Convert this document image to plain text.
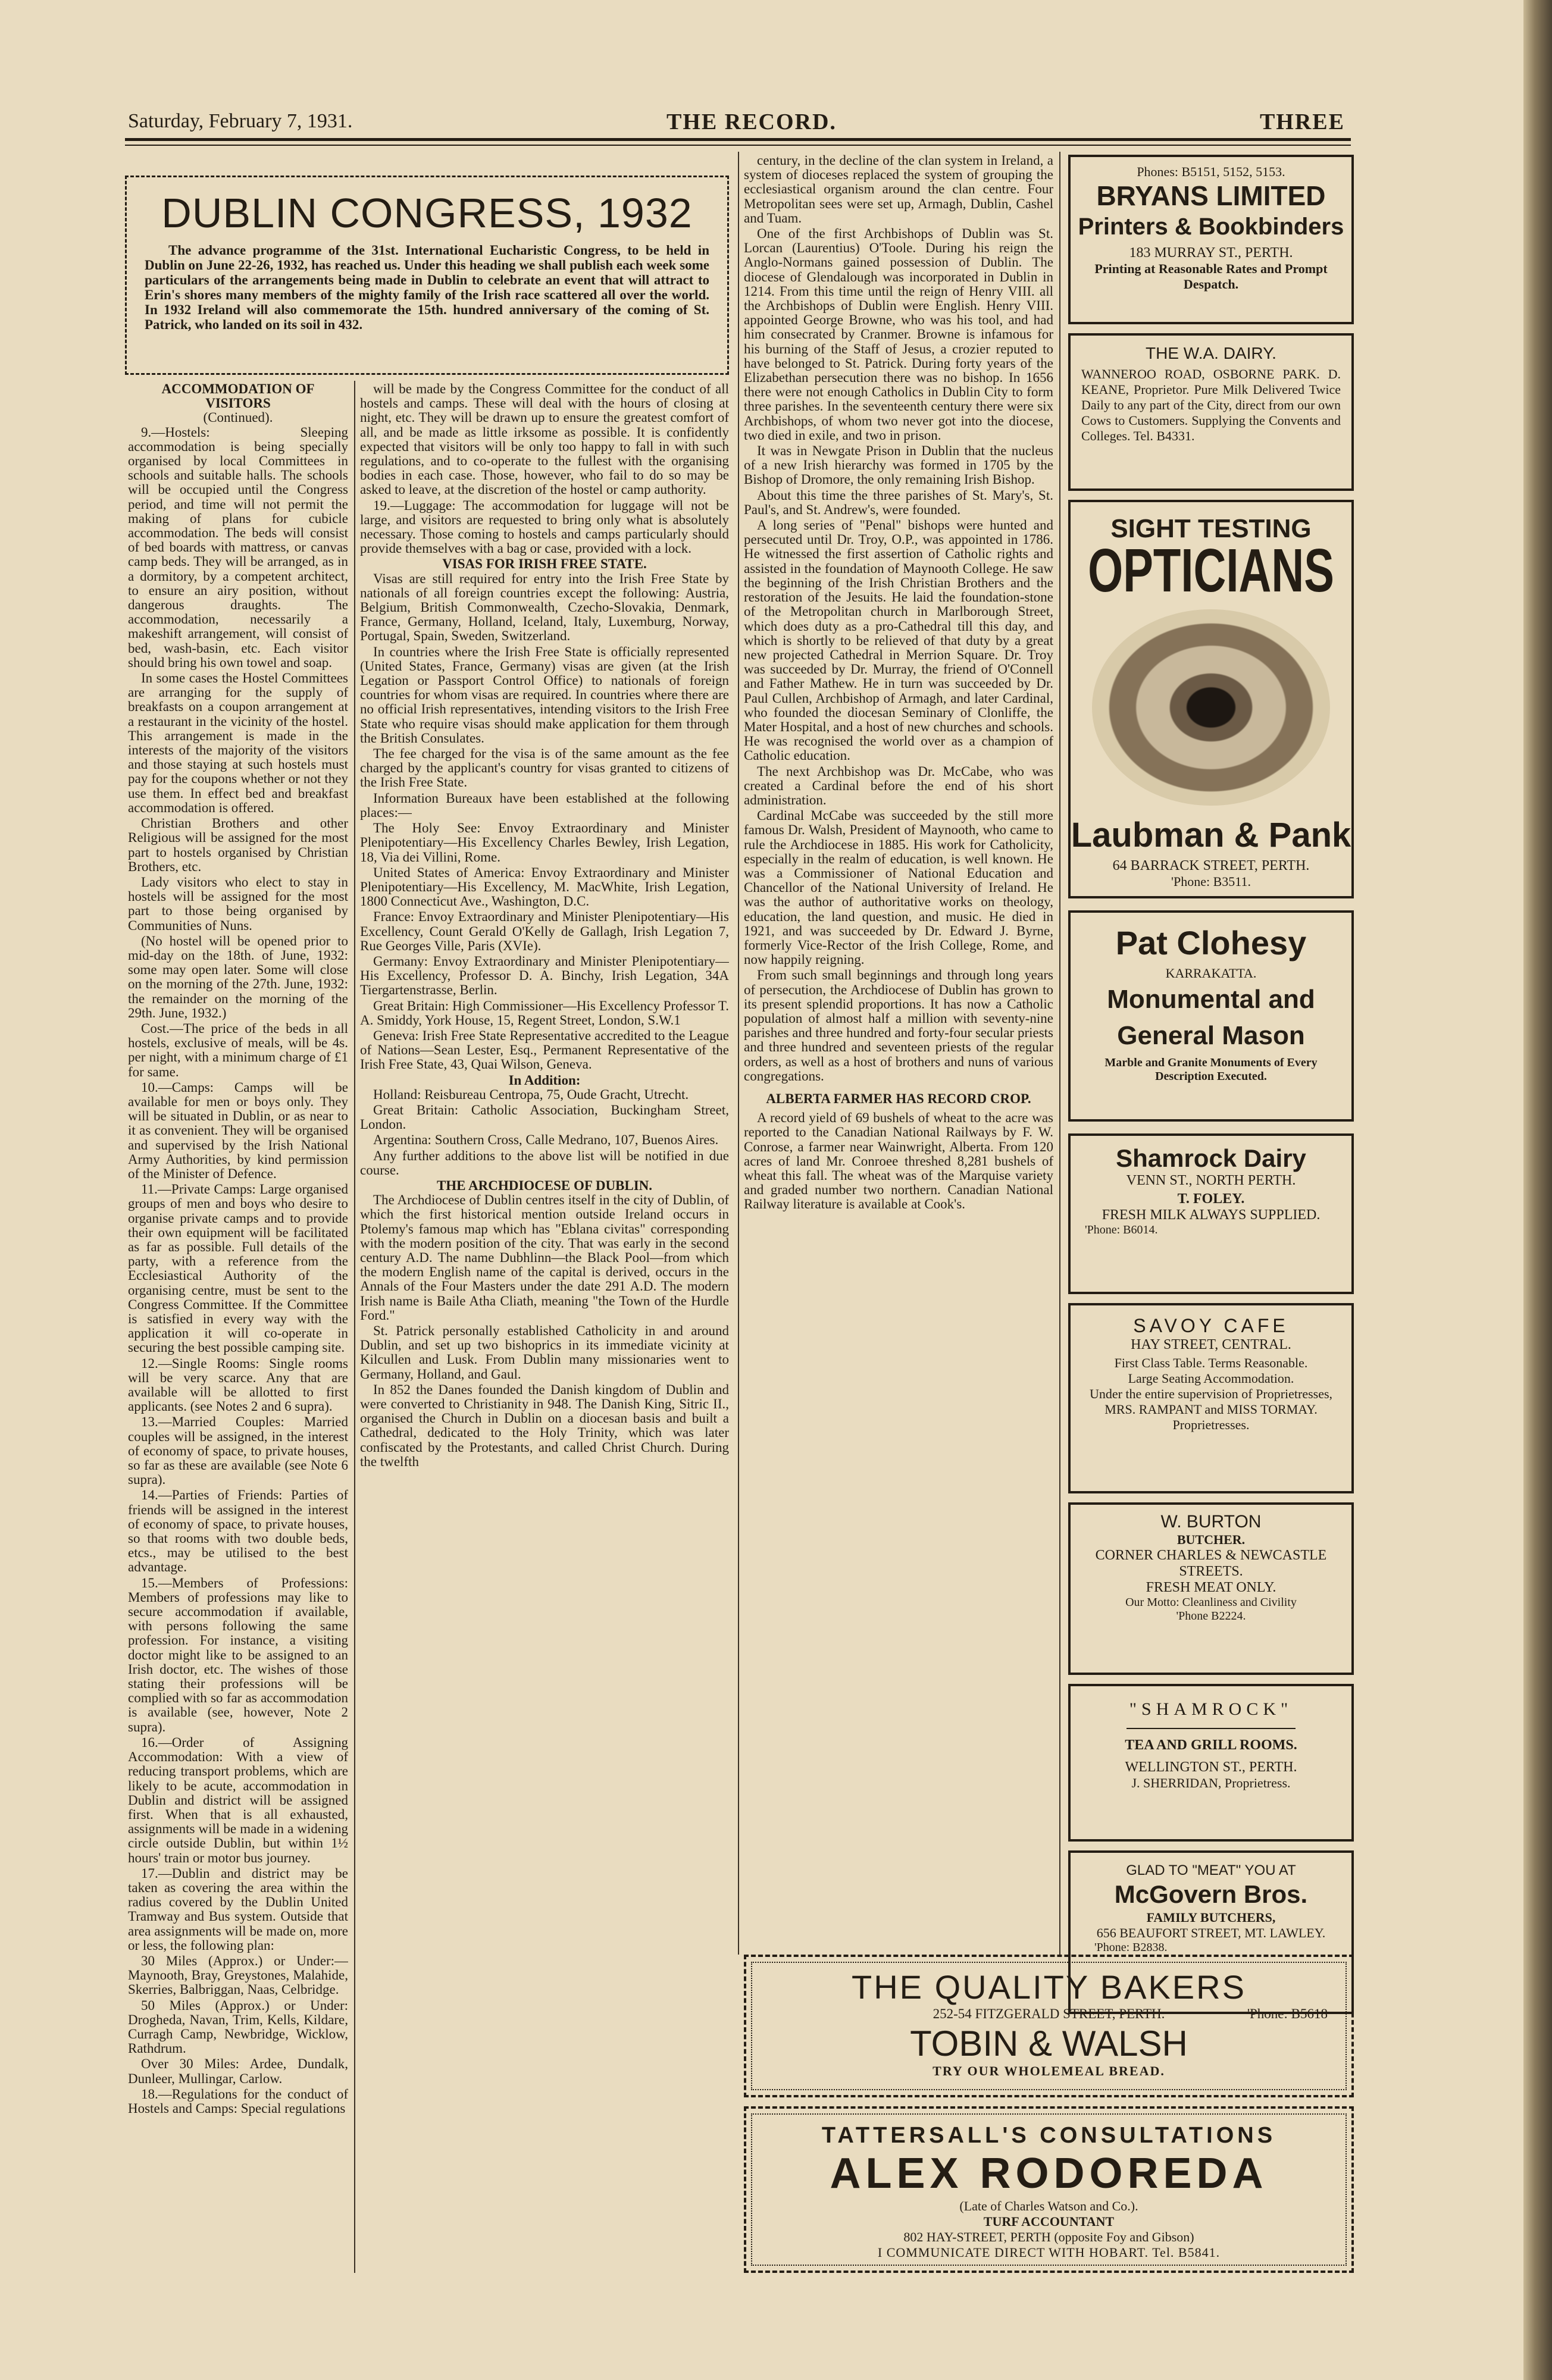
Saturday, February 7, 1931.	THE RECORD.	THREE
DUBLIN CONGRESS, 1932

The advance programme of the 31st. International Eucharistic Congress, to be held in Dublin on June 22-26, 1932, has reached us. Under this heading we shall publish each week some particulars of the arrangements being made in Dublin to celebrate an event that will attract to Erin's shores many members of the mighty family of the Irish race scattered all over the world. In 1932 Ireland will also commemorate the 15th. hundred anniversary of the coming of St. Patrick, who landed on its soil in 432.

ACCOMMODATION OF VISITORS
(Continued).

9.—Hostels: Sleeping accommodation is being specially organised by local Committees in schools and suitable halls. The schools will be occupied until the Congress period, and time will not permit the making of plans for cubicle accommodation. The beds will consist of bed boards with mattress, or canvas camp beds. They will be arranged, as in a dormitory, by a competent architect, to ensure an airy position, without dangerous draughts. The accommodation, necessarily a makeshift arrangement, will consist of bed, wash-basin, etc. Each visitor should bring his own towel and soap.

In some cases the Hostel Committees are arranging for the supply of breakfasts on a coupon arrangement at a restaurant in the vicinity of the hostel. This arrangement is made in the interests of the majority of the visitors and those staying at such hostels must pay for the coupons whether or not they use them. In effect bed and breakfast accommodation is offered.

Christian Brothers and other Religious will be assigned for the most part to hostels organised by Christian Brothers, etc.

Lady visitors who elect to stay in hostels will be assigned for the most part to those being organised by Communities of Nuns.

(No hostel will be opened prior to mid-day on the 18th. of June, 1932: some may open later. Some will close on the morning of the 27th. June, 1932: the remainder on the morning of the 29th. June, 1932.)

Cost.—The price of the beds in all hostels, exclusive of meals, will be 4s. per night, with a minimum charge of £1 for same.

10.—Camps: Camps will be available for men or boys only. They will be situated in Dublin, or as near to it as convenient. They will be organised and supervised by the Irish National Army Authorities, by kind permission of the Minister of Defence.

11.—Private Camps: Large organised groups of men and boys who desire to organise private camps and to provide their own equipment will be facilitated as far as possible. Full details of the party, with a reference from the Ecclesiastical Authority of the organising centre, must be sent to the Congress Committee. If the Committee is satisfied in every way with the application it will co-operate in securing the best possible camping site.

12.—Single Rooms: Single rooms will be very scarce. Any that are available will be allotted to first applicants. (see Notes 2 and 6 supra).

13.—Married Couples: Married couples will be assigned, in the interest of economy of space, to private houses, so far as these are available (see Note 6 supra).

14.—Parties of Friends: Parties of friends will be assigned in the interest of economy of space, to private houses, so that rooms with two double beds, etcs., may be utilised to the best advantage.

15.—Members of Professions: Members of professions may like to secure accommodation if available, with persons following the same profession. For instance, a visiting doctor might like to be assigned to an Irish doctor, etc. The wishes of those stating their professions will be complied with so far as accommodation is available (see, however, Note 2 supra).

16.—Order of Assigning Accommodation: With a view of reducing transport problems, which are likely to be acute, accommodation in Dublin and district will be assigned first. When that is all exhausted, assignments will be made in a widening circle outside Dublin, but within 1½ hours' train or motor bus journey.

17.—Dublin and district may be taken as covering the area within the radius covered by the Dublin United Tramway and Bus system. Outside that area assignments will be made on, more or less, the following plan:

30 Miles (Approx.) or Under:—Maynooth, Bray, Greystones, Malahide, Skerries, Balbriggan, Naas, Celbridge.

50 Miles (Approx.) or Under: Drogheda, Navan, Trim, Kells, Kildare, Curragh Camp, Newbridge, Wicklow, Rathdrum.

Over 30 Miles: Ardee, Dundalk, Dunleer, Mullingar, Carlow.

18.—Regulations for the conduct of Hostels and Camps: Special regulations

will be made by the Congress Committee for the conduct of all hostels and camps. These will deal with the hours of closing at night, etc. They will be drawn up to ensure the greatest comfort of all, and be made as little irksome as possible. It is confidently expected that visitors will be only too happy to fall in with such regulations, and to co-operate to the fullest with the organising bodies in each case. Those, however, who fail to do so may be asked to leave, at the discretion of the hostel or camp authority.

19.—Luggage: The accommodation for luggage will not be large, and visitors are requested to bring only what is absolutely necessary. Those coming to hostels and camps particularly should provide themselves with a bag or case, provided with a lock.

VISAS FOR IRISH FREE STATE.

Visas are still required for entry into the Irish Free State by nationals of all foreign countries except the following: Austria, Belgium, British Commonwealth, Czecho-Slovakia, Denmark, France, Germany, Holland, Iceland, Italy, Luxemburg, Norway, Portugal, Spain, Sweden, Switzerland.

In countries where the Irish Free State is officially represented (United States, France, Germany) visas are given (at the Irish Legation or Passport Control Office) to nationals of foreign countries for whom visas are required. In countries where there are no official Irish representatives, intending visitors to the Irish Free State who require visas should make application for them through the British Consulates.

The fee charged for the visa is of the same amount as the fee charged by the applicant's country for visas granted to citizens of the Irish Free State.

Information Bureaux have been established at the following places:—

The Holy See: Envoy Extraordinary and Minister Plenipotentiary—His Excellency Charles Bewley, Irish Legation, 18, Via dei Villini, Rome.

United States of America: Envoy Extraordinary and Minister Plenipotentiary—His Excellency, M. MacWhite, Irish Legation, 1800 Connecticut Ave., Washington, D.C.

France: Envoy Extraordinary and Minister Plenipotentiary—His Excellency, Count Gerald O'Kelly de Gallagh, Irish Legation 7, Rue Georges Ville, Paris (XVIe).

Germany: Envoy Extraordinary and Minister Plenipotentiary—His Excellency, Professor D. A. Binchy, Irish Legation, 34A Tiergartenstrasse, Berlin.

Great Britain: High Commissioner—His Excellency Professor T. A. Smiddy, York House, 15, Regent Street, London, S.W.1

Geneva: Irish Free State Representative accredited to the League of Nations—Sean Lester, Esq., Permanent Representative of the Irish Free State, 43, Quai Wilson, Geneva.

In Addition:

Holland: Reisbureau Centropa, 75, Oude Gracht, Utrecht.

Great Britain: Catholic Association, Buckingham Street, London.

Argentina: Southern Cross, Calle Medrano, 107, Buenos Aires.

Any further additions to the above list will be notified in due course.

THE ARCHDIOCESE OF DUBLIN.

The Archdiocese of Dublin centres itself in the city of Dublin, of which the first historical mention outside Ireland occurs in Ptolemy's famous map which has "Eblana civitas" corresponding with the modern position of the city. That was early in the second century A.D. The name Dubhlinn—the Black Pool—from which the modern English name of the capital is derived, occurs in the Annals of the Four Masters under the date 291 A.D. The modern Irish name is Baile Atha Cliath, meaning "the Town of the Hurdle Ford."

St. Patrick personally established Catholicity in and around Dublin, and set up two bishoprics in its immediate vicinity at Kilcullen and Lusk. From Dublin many missionaries went to Germany, Holland, and Gaul.

In 852 the Danes founded the Danish kingdom of Dublin and were converted to Christianity in 948. The Danish King, Sitric II., organised the Church in Dublin on a diocesan basis and built a Cathedral, dedicated to the Holy Trinity, which was later confiscated by the Protestants, and called Christ Church. During the twelfth

century, in the decline of the clan system in Ireland, a system of dioceses replaced the system of grouping the ecclesiastical organism around the clan centre. Four Metropolitan sees were set up, Armagh, Dublin, Cashel and Tuam.

One of the first Archbishops of Dublin was St. Lorcan (Laurentius) O'Toole. During his reign the Anglo-Normans gained possession of Dublin. The diocese of Glendalough was incorporated in Dublin in 1214. From this time until the reign of Henry VIII. all the Archbishops of Dublin were English. Henry VIII. appointed George Browne, who was his tool, and had him consecrated by Cranmer. Browne is infamous for his burning of the Staff of Jesus, a crozier reputed to have belonged to St. Patrick. During forty years of the Elizabethan persecution there was no bishop. In 1656 there were not enough Catholics in Dublin City to form three parishes. In the seventeenth century there were six Archbishops, of whom two never got into the diocese, two died in exile, and two in prison.

It was in Newgate Prison in Dublin that the nucleus of a new Irish hierarchy was formed in 1705 by the Bishop of Dromore, the only remaining Irish Bishop.

About this time the three parishes of St. Mary's, St. Paul's, and St. Andrew's, were founded.

A long series of "Penal" bishops were hunted and persecuted until Dr. Troy, O.P., was appointed in 1786. He witnessed the first assertion of Catholic rights and assisted in the foundation of Maynooth College. He saw the beginning of the Irish Christian Brothers and the restoration of the Jesuits. He laid the foundation-stone of the Metropolitan church in Marlborough Street, which does duty as a pro-Cathedral till this day, and which is shortly to be relieved of that duty by a great new projected Cathedral in Merrion Square. Dr. Troy was succeeded by Dr. Murray, the friend of O'Connell and Father Mathew. He in turn was succeeded by Dr. Paul Cullen, Archbishop of Armagh, and later Cardinal, who founded the diocesan Seminary of Clonliffe, the Mater Hospital, and a host of new churches and schools. He was recognised the world over as a champion of Catholic education.

The next Archbishop was Dr. McCabe, who was created a Cardinal before the end of his short administration.

Cardinal McCabe was succeeded by the still more famous Dr. Walsh, President of Maynooth, who came to rule the Archdiocese in 1885. His work for Catholicity, especially in the realm of education, is well known. He was a Commissioner of National Education and Chancellor of the National University of Ireland. He was the author of authoritative works on theology, education, the land question, and music. He died in 1921, and was succeeded by Dr. Edward J. Byrne, formerly Vice-Rector of the Irish College, Rome, and now happily reigning.

From such small beginnings and through long years of persecution, the Archdiocese of Dublin has grown to its present splendid proportions. It has now a Catholic population of almost half a million with seventy-nine parishes and three hundred and forty-four secular priests and three hundred and seventeen priests of the regular orders, as well as a host of brothers and nuns of various congregations.

ALBERTA FARMER HAS RECORD CROP.

A record yield of 69 bushels of wheat to the acre was reported to the Canadian National Railways by F. W. Conrose, a farmer near Wainwright, Alberta. From 120 acres of land Mr. Conroee threshed 8,281 bushels of wheat this fall. The wheat was of the Marquise variety and graded number two northern. Canadian National Railway literature is available at Cook's.

Phones: B5151, 5152, 5153.
BRYANS LIMITED
Printers & Bookbinders
183 MURRAY ST., PERTH.
Printing at Reasonable Rates and Prompt Despatch.
THE W.A. DAIRY.
WANNEROO ROAD, OSBORNE PARK. D. KEANE, Proprietor. Pure Milk Delivered Twice Daily to any part of the City, direct from our own Cows to Customers. Supplying the Convents and Colleges. Tel. B4331.
SIGHT TESTING
OPTICIANS
Laubman & Pank
64 BARRACK STREET, PERTH.
'Phone: B3511.
Pat Clohesy
KARRAKATTA.
Monumental and
General Mason
Marble and Granite Monuments of Every Description Executed.
Shamrock Dairy
VENN ST., NORTH PERTH.
T. FOLEY.
FRESH MILK ALWAYS SUPPLIED.
'Phone: B6014.
SAVOY CAFE
HAY STREET, CENTRAL.
First Class Table. Terms Reasonable.
Large Seating Accommodation.
Under the entire supervision of Proprietresses,
MRS. RAMPANT and MISS TORMAY.
Proprietresses.
W. BURTON
BUTCHER.
CORNER CHARLES & NEWCASTLE STREETS.
FRESH MEAT ONLY.
Our Motto: Cleanliness and Civility
'Phone B2224.
"SHAMROCK"
TEA AND GRILL ROOMS.
WELLINGTON ST., PERTH.
J. SHERRIDAN, Proprietress.
GLAD TO "MEAT" YOU AT
McGovern Bros.
FAMILY BUTCHERS,
656 BEAUFORT STREET, MT. LAWLEY.
'Phone: B2838.
THE QUALITY BAKERS
252-54 FITZGERALD STREET, PERTH.	'Phone: B5618
TOBIN & WALSH
TRY OUR WHOLEMEAL BREAD.
TATTERSALL'S CONSULTATIONS
ALEX RODOREDA
(Late of Charles Watson and Co.).
TURF ACCOUNTANT
802 HAY-STREET, PERTH (opposite Foy and Gibson)
I COMMUNICATE DIRECT WITH HOBART. Tel. B5841.
